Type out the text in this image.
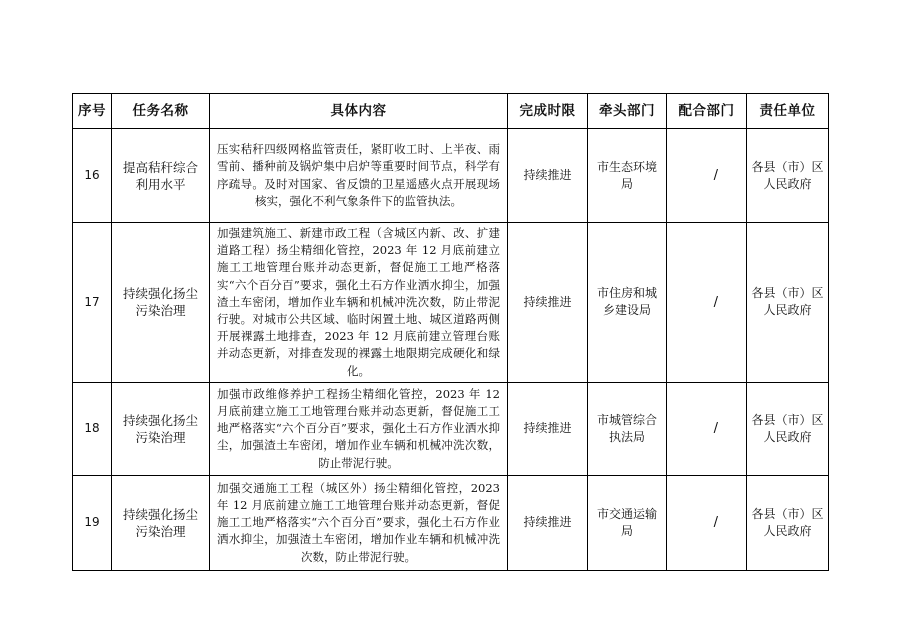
序号	任务名称	具体内容	完成时限	牵头部门	配合部门	责任单位
16	提高秸秆综合利用水平	压实秸秆四级网格监管责任，紧盯收工时、上半夜、雨雪前、播种前及锅炉集中启炉等重要时间节点，科学有序疏导。及时对国家、省反馈的卫星遥感火点开展现场核实，强化不利气象条件下的监管执法。	持续推进	市生态环境局	/	各县（市）区人民政府
17	持续强化扬尘污染治理	加强建筑施工、新建市政工程（含城区内新、改、扩建道路工程）扬尘精细化管控，2023 年 12 月底前建立施工工地管理台账并动态更新，督促施工工地严格落实“六个百分百”要求，强化土石方作业洒水抑尘，加强渣土车密闭，增加作业车辆和机械冲洗次数，防止带泥行驶。对城市公共区域、临时闲置土地、城区道路两侧开展裸露土地排查，2023 年 12 月底前建立管理台账并动态更新，对排查发现的裸露土地限期完成硬化和绿化。	持续推进	市住房和城乡建设局	/	各县（市）区人民政府
18	持续强化扬尘污染治理	加强市政维修养护工程扬尘精细化管控，2023 年 12 月底前建立施工工地管理台账并动态更新，督促施工工地严格落实“六个百分百”要求，强化土石方作业洒水抑尘，加强渣土车密闭，增加作业车辆和机械冲洗次数，防止带泥行驶。	持续推进	市城管综合执法局	/	各县（市）区人民政府
19	持续强化扬尘污染治理	加强交通施工工程（城区外）扬尘精细化管控，2023 年 12 月底前建立施工工地管理台账并动态更新，督促施工工地严格落实“六个百分百”要求，强化土石方作业洒水抑尘，加强渣土车密闭，增加作业车辆和机械冲洗次数，防止带泥行驶。	持续推进	市交通运输局	/	各县（市）区人民政府
